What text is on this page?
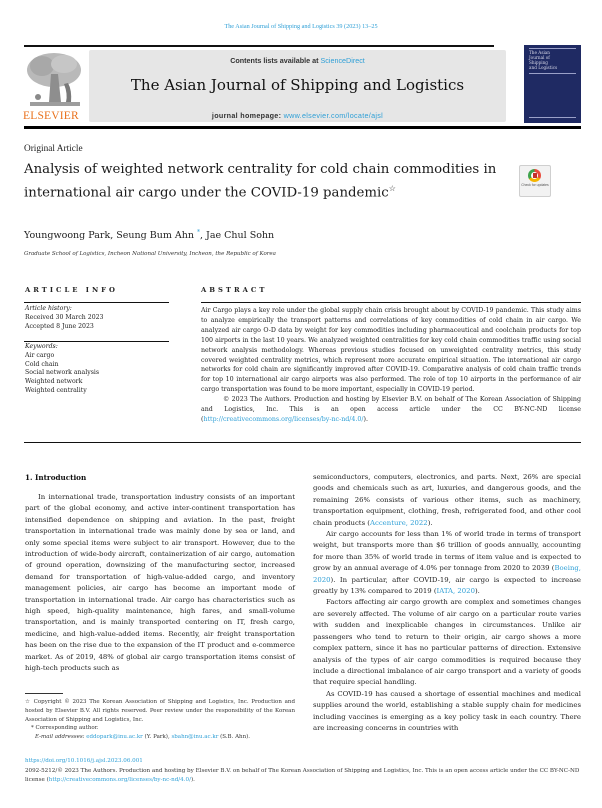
The Asian Journal of Shipping and Logistics 39 (2023) 13–25
ELSEVIER
Contents lists available at ScienceDirect
The Asian Journal of Shipping and Logistics
journal homepage: www.elsevier.com/locate/ajsl
The Asian
Journal of
Shipping
and Logistics
Original Article
Analysis of weighted network centrality for cold chain commodities in international air cargo under the COVID-19 pandemic☆	Check for updates
Youngwoong Park, Seung Bum Ahn *, Jae Chul Sohn
Graduate School of Logistics, Incheon National University, Incheon, the Republic of Korea
ARTICLE INFO
Article history:
Received 30 March 2023
Accepted 8 June 2023
Keywords:
Air cargo
Cold chain
Social network analysis
Weighted network
Weighted centrality
ABSTRACT

Air Cargo plays a key role under the global supply chain crisis brought about by COVID-19 pandemic. This study aims to analyze empirically the transport patterns and correlations of key commodities of cold chain in air cargo. We analyzed air cargo O-D data by weight for key commodities including pharmaceutical and coolchain products for top 100 airports in the last 10 years. We analyzed weighted centralities for key cold chain commodities traffic using social network analysis methodology. Whereas previous studies focused on unweighted centrality metrics, this study covered weighted centrality metrics, which represent more accurate empirical situation. The international air cargo networks for cold chain are significantly improved after COVID-19. Comparative analysis of cold chain traffic trends for top 10 international air cargo airports was also performed. The role of top 10 airports in the performance of air cargo transportation was found to be more important, especially in COVID-19 period.

© 2023 The Authors. Production and hosting by Elsevier B.V. on behalf of The Korean Association of Shipping and Logistics, Inc. This is an open access article under the CC BY-NC-ND license (http://creativecommons.org/licenses/by-nc-nd/4.0/).

1. Introduction

In international trade, transportation industry consists of an important part of the global economy, and active inter-continent transportation has intensified dependence on shipping and aviation. In the past, freight transportation in international trade was mainly done by sea or land, and only some special items were subject to air transport. However, due to the introduction of wide-body aircraft, containerization of air cargo, automation of ground operation, downsizing of the manufacturing sector, increased demand for transportation of high-value-added cargo, and inventory management policies, air cargo has become an important mode of transportation in international trade. Air cargo has characteristics such as high speed, high-quality maintenance, high fares, and small-volume transportation, and is mainly transported centering on IT, fresh cargo, medicine, and high-value-added items. Recently, air freight transportation has been on the rise due to the expansion of the IT product and e-commerce market. As of 2019, 48% of global air cargo transportation items consist of high-tech products such as

semiconductors, computers, electronics, and parts. Next, 26% are special goods and chemicals such as art, luxuries, and dangerous goods, and the remaining 26% consists of various other items, such as machinery, transportation equipment, clothing, fresh, refrigerated food, and other cool chain products (Accenture, 2022).

Air cargo accounts for less than 1% of world trade in terms of transport weight, but transports more than $6 trillion of goods annually, accounting for more than 35% of world trade in terms of item value and is expected to grow by an annual average of 4.0% per tonnage from 2020 to 2039 (Boeing, 2020). In particular, after COVID-19, air cargo is expected to increase greatly by 13% compared to 2019 (IATA, 2020).

Factors affecting air cargo growth are complex and sometimes changes are severely affected. The volume of air cargo on a particular route varies with sudden and inexplicable changes in circumstances. Unlike air passengers who tend to return to their origin, air cargo shows a more complex pattern, since it has no particular patterns of direction. Extensive analysis of the types of air cargo commodities is required because they include a directional imbalance of air cargo transport and a variety of goods that require special handling.

As COVID-19 has caused a shortage of essential machines and medical supplies around the world, establishing a stable supply chain for medicines including vaccines is emerging as a key policy task in each country. There are increasing concerns in countries with

☆ Copyright © 2023 The Korean Association of Shipping and Logistics, Inc. Production and hosted by Elsevier B.V. All rights reserved. Peer review under the responsibility of the Korean Association of Shipping and Logistics, Inc.

* Corresponding author.

E-mail addresses: eddopark@inu.ac.kr (Y. Park), sbahn@inu.ac.kr (S.B. Ahn).

https://doi.org/10.1016/j.ajsl.2023.06.001
2092-5212/© 2023 The Authors. Production and hosting by Elsevier B.V. on behalf of The Korean Association of Shipping and Logistics, Inc. This is an open access article under the CC BY-NC-ND license (http://creativecommons.org/licenses/by-nc-nd/4.0/).
